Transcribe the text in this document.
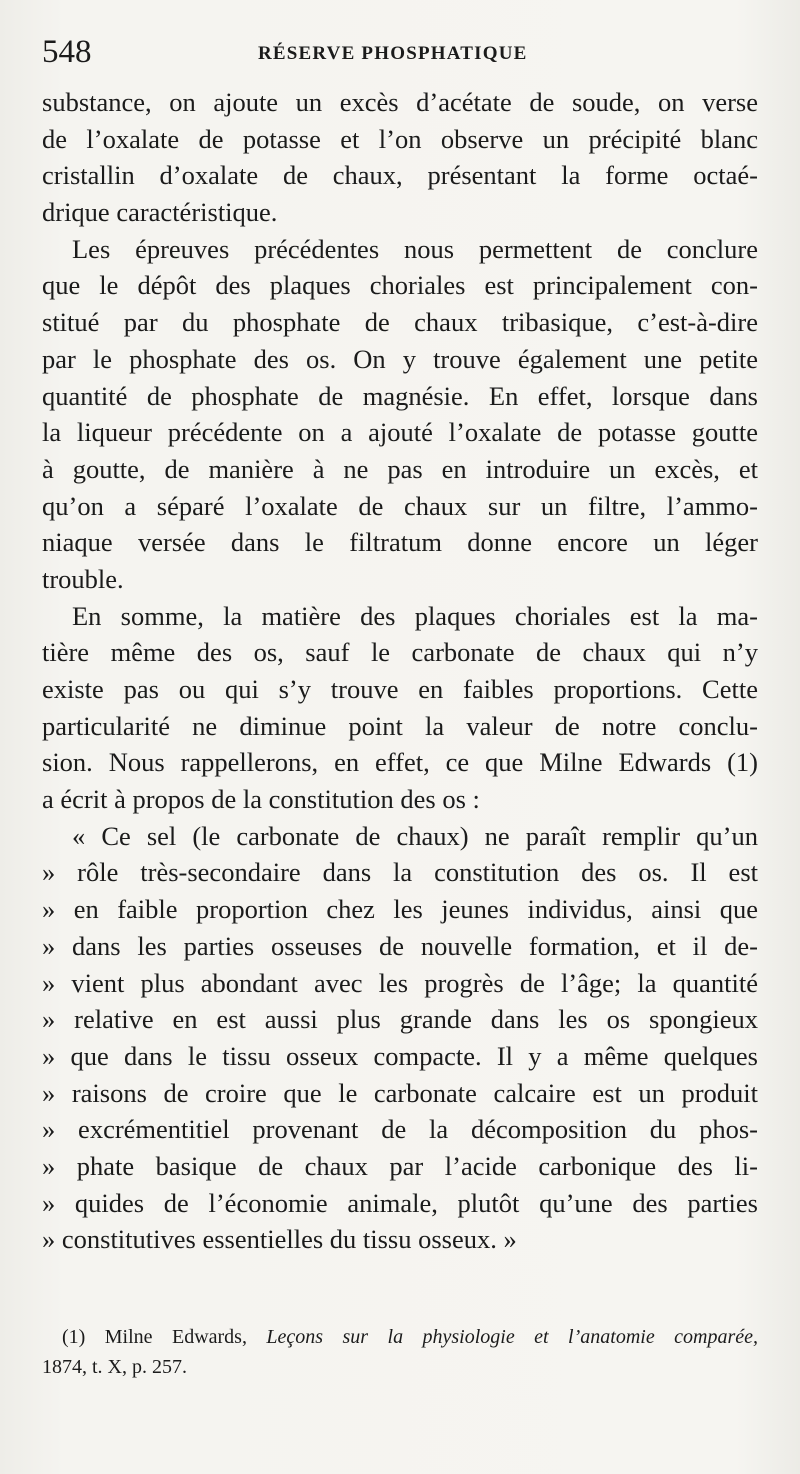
548	RÉSERVE PHOSPHATIQUE
substance, on ajoute un excès d’acétate de soude, on verse
de l’oxalate de potasse et l’on observe un précipité blanc
cristallin d’oxalate de chaux, présentant la forme octaé-
drique caractéristique.
Les épreuves précédentes nous permettent de conclure
que le dépôt des plaques choriales est principalement con-
stitué par du phosphate de chaux tribasique, c’est-à-dire
par le phosphate des os. On y trouve également une petite
quantité de phosphate de magnésie. En effet, lorsque dans
la liqueur précédente on a ajouté l’oxalate de potasse goutte
à goutte, de manière à ne pas en introduire un excès, et
qu’on a séparé l’oxalate de chaux sur un filtre, l’ammo-
niaque versée dans le filtratum donne encore un léger
trouble.
En somme, la matière des plaques choriales est la ma-
tière même des os, sauf le carbonate de chaux qui n’y
existe pas ou qui s’y trouve en faibles proportions. Cette
particularité ne diminue point la valeur de notre conclu-
sion. Nous rappellerons, en effet, ce que Milne Edwards (1)
a écrit à propos de la constitution des os :
« Ce sel (le carbonate de chaux) ne paraît remplir qu’un
» rôle très-secondaire dans la constitution des os. Il est
» en faible proportion chez les jeunes individus, ainsi que
» dans les parties osseuses de nouvelle formation, et il de-
» vient plus abondant avec les progrès de l’âge; la quantité
» relative en est aussi plus grande dans les os spongieux
» que dans le tissu osseux compacte. Il y a même quelques
» raisons de croire que le carbonate calcaire est un produit
» excrémentitiel provenant de la décomposition du phos-
» phate basique de chaux par l’acide carbonique des li-
» quides de l’économie animale, plutôt qu’une des parties
» constitutives essentielles du tissu osseux. »
(1) Milne Edwards, Leçons sur la physiologie et l’anatomie comparée,
1874, t. X, p. 257.
